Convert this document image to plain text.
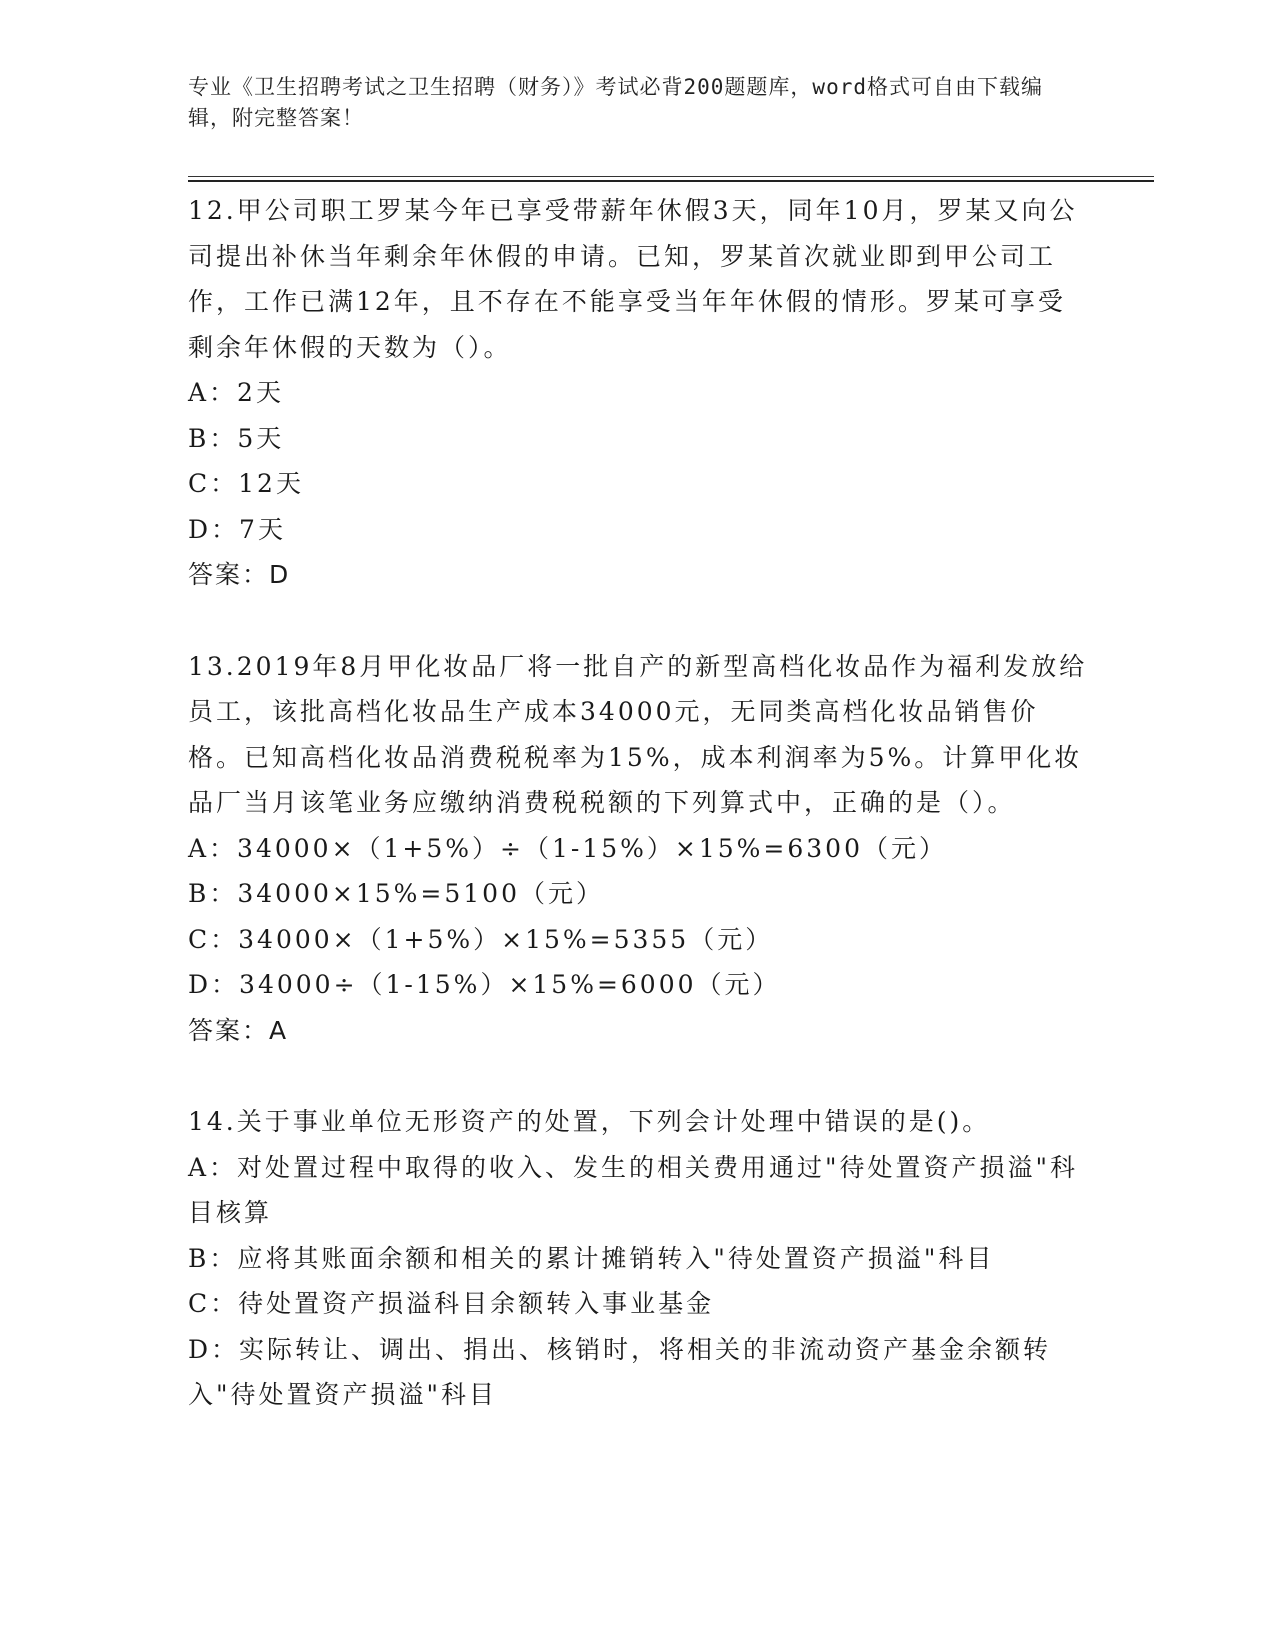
专业《卫生招聘考试之卫生招聘（财务）》考试必背200题题库，word格式可自由下载编辑，附完整答案！
12.甲公司职工罗某今年已享受带薪年休假3天，同年10月，罗某又向公司提出补休当年剩余年休假的申请。已知，罗某首次就业即到甲公司工作，工作已满12年，且不存在不能享受当年年休假的情形。罗某可享受剩余年休假的天数为（）。
A：2天
B：5天
C：12天
D：7天
答案：D
13.2019年8月甲化妆品厂将一批自产的新型高档化妆品作为福利发放给员工，该批高档化妆品生产成本34000元，无同类高档化妆品销售价格。已知高档化妆品消费税税率为15%，成本利润率为5%。计算甲化妆品厂当月该笔业务应缴纳消费税税额的下列算式中，正确的是（）。
A：34000×（1+5%）÷（1-15%）×15%=6300（元）
B：34000×15%=5100（元）
C：34000×（1+5%）×15%=5355（元）
D：34000÷（1-15%）×15%=6000（元）
答案：A
14.关于事业单位无形资产的处置，下列会计处理中错误的是()。
A：对处置过程中取得的收入、发生的相关费用通过"待处置资产损溢"科目核算
B：应将其账面余额和相关的累计摊销转入"待处置资产损溢"科目
C：待处置资产损溢科目余额转入事业基金
D：实际转让、调出、捐出、核销时，将相关的非流动资产基金余额转入"待处置资产损溢"科目
